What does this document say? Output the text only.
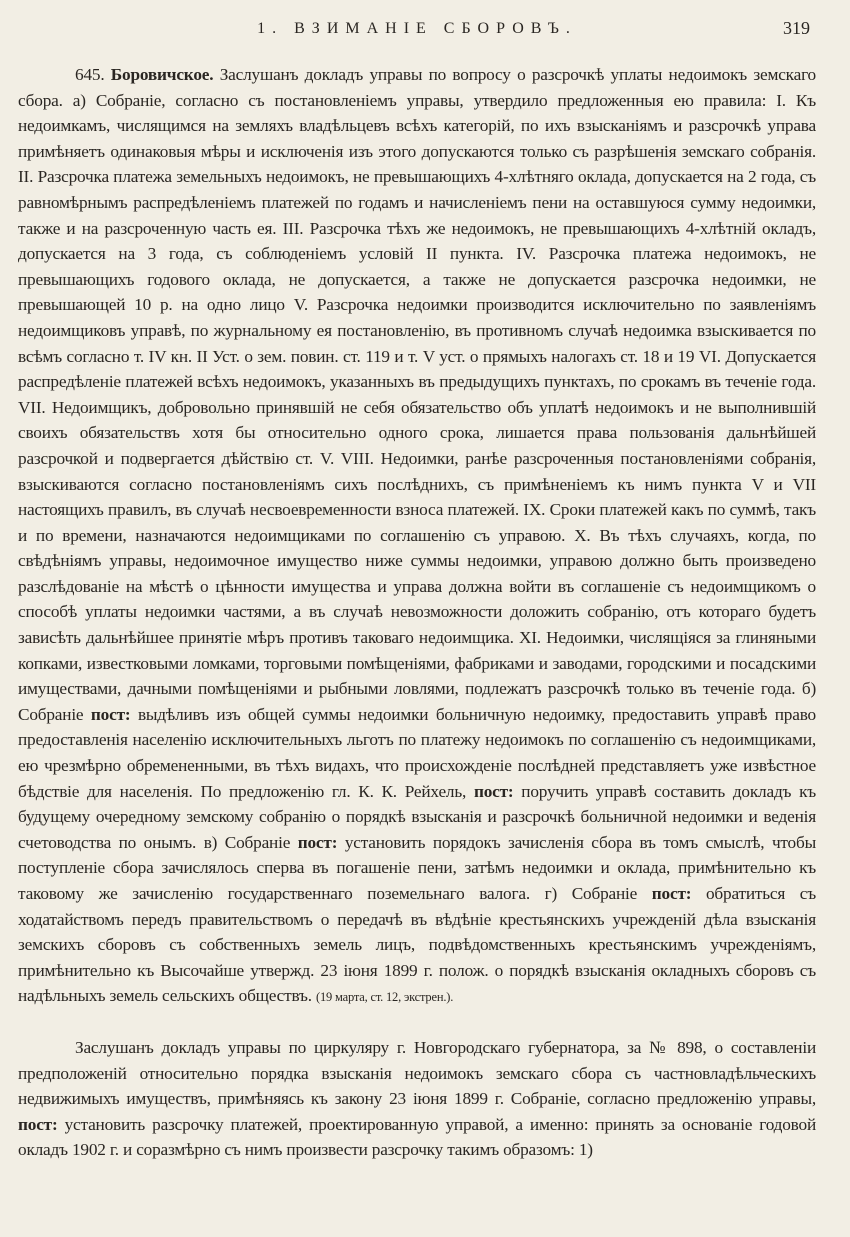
1. ВЗИМАНІЕ СБОРОВЪ.	319

645. Боровичское. Заслушанъ докладъ управы по вопросу о разсрочкѣ уплаты недоимокъ земскаго сбора. а) Собраніе, согласно съ постановленіемъ управы, утвердило предложенныя ею правила: I. Къ недоимкамъ, числящимся на земляхъ владѣльцевъ всѣхъ категорій, по ихъ взысканіямъ и разсрочкѣ управа примѣняетъ одинаковыя мѣры и исключенія изъ этого допускаются только съ разрѣшенія земскаго собранія. II. Разсрочка платежа земельныхъ недоимокъ, не превышающихъ 4-хлѣтняго оклада, допускается на 2 года, съ равномѣрнымъ распредѣленіемъ платежей по годамъ и начисленіемъ пени на оставшуюся сумму недоимки, также и на разсроченную часть ея. III. Разсрочка тѣхъ же недоимокъ, не превышающихъ 4-хлѣтній окладъ, допускается на 3 года, съ соблюденіемъ условій II пункта. IV. Разсрочка платежа недоимокъ, не превышающихъ годового оклада, не допускается, а также не допускается разсрочка недоимки, не превышающей 10 р. на одно лицо V. Разсрочка недоимки производится исключительно по заявленіямъ недоимщиковъ управѣ, по журнальному ея постановленію, въ противномъ случаѣ недоимка взыскивается по всѣмъ согласно т. IV кн. II Уст. о зем. повин. ст. 119 и т. V уст. о прямыхъ налогахъ ст. 18 и 19 VI. Допускается распредѣленіе платежей всѣхъ недоимокъ, указанныхъ въ предыдущихъ пунктахъ, по срокамъ въ теченіе года. VII. Недоимщикъ, добровольно принявшій не себя обязательство объ уплатѣ недоимокъ и не выполнившій своихъ обязательствъ хотя бы относительно одного срока, лишается права пользованія дальнѣйшей разсрочкой и подвергается дѣйствію ст. V. VIII. Недоимки, ранѣе разсроченныя постановленіями собранія, взыскиваются согласно постановленіямъ сихъ послѣднихъ, съ примѣненіемъ къ нимъ пункта V и VII настоящихъ правилъ, въ случаѣ несвоевременности взноса платежей. IX. Сроки платежей какъ по суммѣ, такъ и по времени, назначаются недоимщиками по соглашенію съ управою. X. Въ тѣхъ случаяхъ, когда, по свѣдѣніямъ управы, недоимочное имущество ниже суммы недоимки, управою должно быть произведено разслѣдованіе на мѣстѣ о цѣнности имущества и управа должна войти въ соглашеніе съ недоимщикомъ о способѣ уплаты недоимки частями, а въ случаѣ невозможности доложить собранію, отъ котораго будетъ зависѣть дальнѣйшее принятіе мѣръ противъ таковаго недоимщика. XI. Недоимки, числящіяся за глиняными копками, известковыми ломками, торговыми помѣщеніями, фабриками и заводами, городскими и посадскими имуществами, дачными помѣщеніями и рыбными ловлями, подлежатъ разсрочкѣ только въ теченіе года. б) Собраніе пост: выдѣливъ изъ общей суммы недоимки больничную недоимку, предоставить управѣ право предоставленія населенію исключительныхъ льготъ по платежу недоимокъ по соглашенію съ недоимщиками, ею чрезмѣрно обремененными, въ тѣхъ видахъ, что происхожденіе послѣдней представляетъ уже извѣстное бѣдствіе для населенія. По предложенію гл. К. К. Рейхель, пост: поручить управѣ составить докладъ къ будущему очередному земскому собранію о порядкѣ взысканія и разсрочкѣ больничной недоимки и веденія счетоводства по онымъ. в) Собраніе пост: установить порядокъ зачисленія сбора въ томъ смыслѣ, чтобы поступленіе сбора зачислялось сперва въ погашеніе пени, затѣмъ недоимки и оклада, примѣнительно къ таковому же зачисленію государственнаго поземельнаго валога. г) Собраніе пост: обратиться съ ходатайствомъ передъ правительствомъ о передачѣ въ вѣдѣніе крестьянскихъ учрежденій дѣла взысканія земскихъ сборовъ съ собственныхъ земель лицъ, подвѣдомственныхъ крестьянскимъ учрежденіямъ, примѣнительно къ Высочайше утвержд. 23 іюня 1899 г. полож. о порядкѣ взысканія окладныхъ сборовъ съ надѣльныхъ земель сельскихъ обществъ. (19 марта, ст. 12, экстрен.).

Заслушанъ докладъ управы по циркуляру г. Новгородскаго губернатора, за № 898, о составленіи предположеній относительно порядка взысканія недоимокъ земскаго сбора съ частновладѣльческихъ недвижимыхъ имуществъ, примѣняясь къ закону 23 іюня 1899 г. Собраніе, согласно предложенію управы, пост: установить разсрочку платежей, проектированную управой, а именно: принять за основаніе годовой окладъ 1902 г. и соразмѣрно съ нимъ произвести разсрочку такимъ образомъ: 1)
